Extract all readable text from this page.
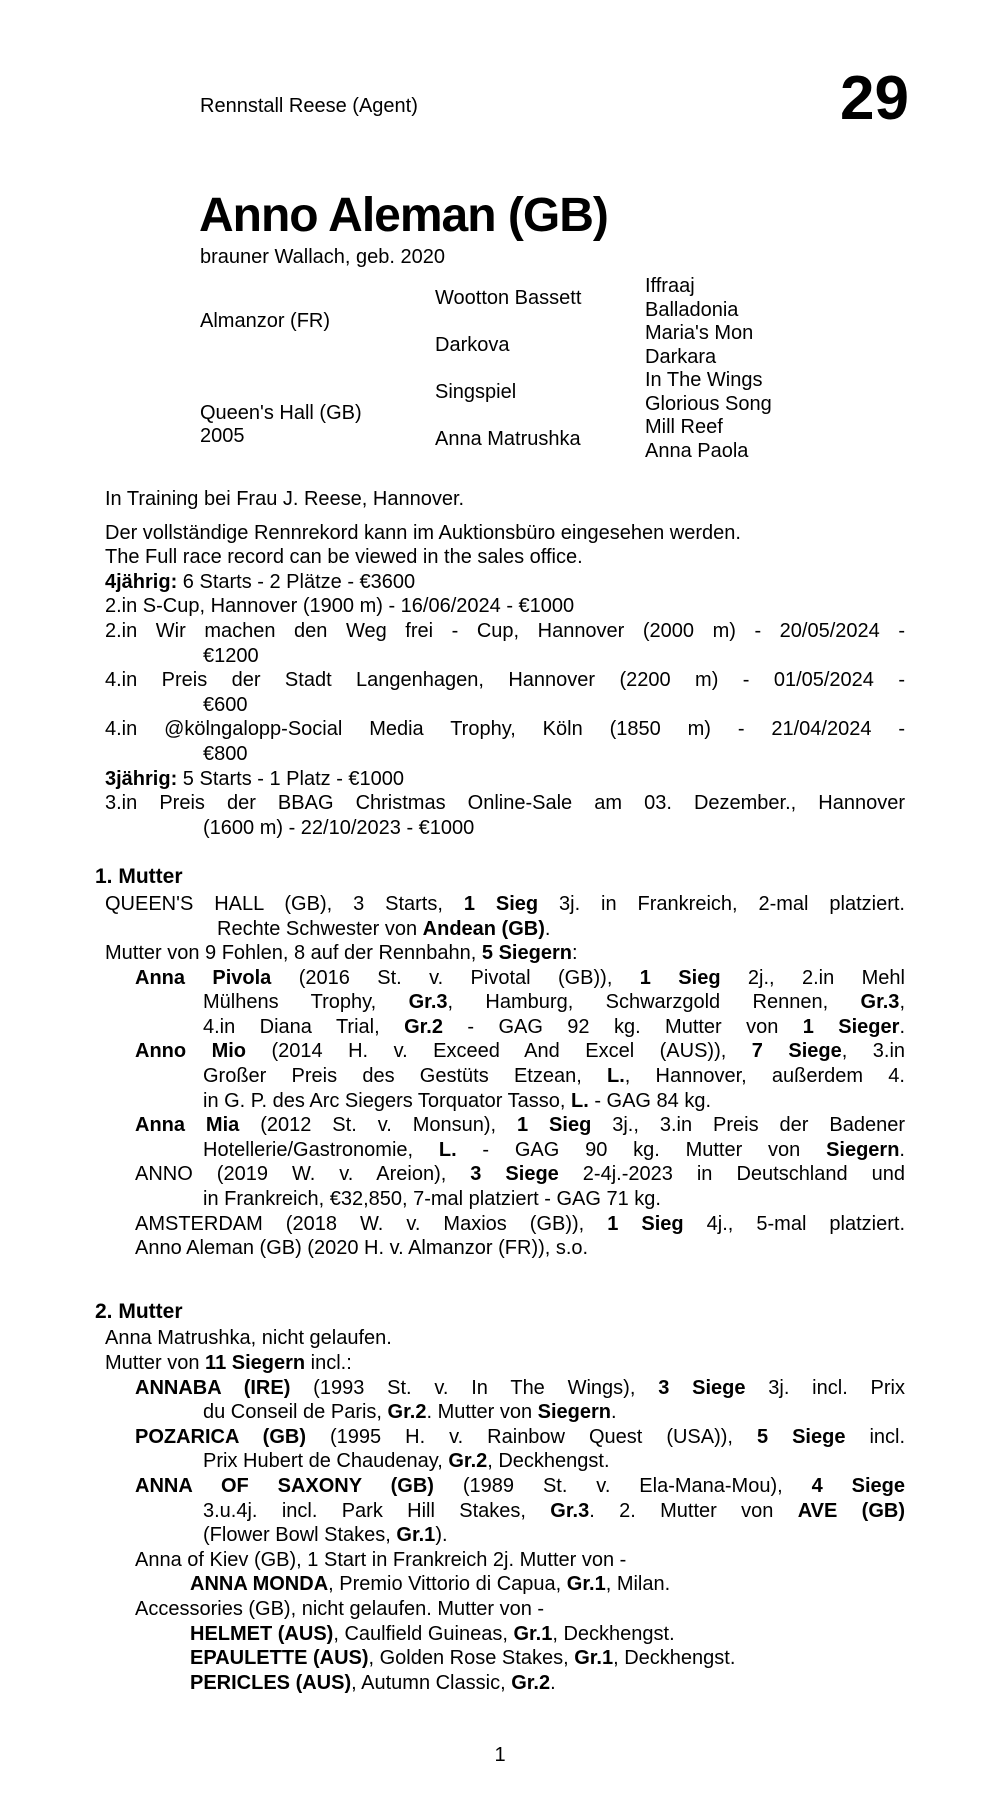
Rennstall Reese (Agent)	29
Anno Aleman (GB)
brauner Wallach, geb. 2020
Almanzor (FR)
Queen's Hall (GB)
2005
Wootton Bassett
Darkova
Singspiel
Anna Matrushka
Iffraaj
Balladonia
Maria's Mon
Darkara
In The Wings
Glorious Song
Mill Reef
Anna Paola
In Training bei Frau J. Reese, Hannover.
Der vollständige Rennrekord kann im Auktionsbüro eingesehen werden.
The Full race record can be viewed in the sales office.
4jährig: 6 Starts - 2 Plätze - €3600
2.in S-Cup, Hannover (1900 m) - 16/06/2024 - €1000
2.in Wir machen den Weg frei - Cup, Hannover (2000 m) - 20/05/2024 -
€1200
4.in Preis der Stadt Langenhagen, Hannover (2200 m) - 01/05/2024 -
€600
4.in @kölngalopp-Social Media Trophy, Köln (1850 m) - 21/04/2024 -
€800
3jährig: 5 Starts - 1 Platz - €1000
3.in Preis der BBAG Christmas Online-Sale am 03. Dezember., Hannover
(1600 m) - 22/10/2023 - €1000
1. Mutter
QUEEN'S HALL (GB), 3 Starts, 1 Sieg 3j. in Frankreich, 2-mal platziert.
Rechte Schwester von Andean (GB).
Mutter von 9 Fohlen, 8 auf der Rennbahn, 5 Siegern:
Anna Pivola (2016 St. v. Pivotal (GB)), 1 Sieg 2j., 2.in Mehl
Mülhens Trophy, Gr.3, Hamburg, Schwarzgold Rennen, Gr.3,
4.in Diana Trial, Gr.2 - GAG 92 kg. Mutter von 1 Sieger.
Anno Mio (2014 H. v. Exceed And Excel (AUS)), 7 Siege, 3.in
Großer Preis des Gestüts Etzean, L., Hannover, außerdem 4.
in G. P. des Arc Siegers Torquator Tasso, L. - GAG 84 kg.
Anna Mia (2012 St. v. Monsun), 1 Sieg 3j., 3.in Preis der Badener
Hotellerie/Gastronomie, L. - GAG 90 kg. Mutter von Siegern.
ANNO (2019 W. v. Areion), 3 Siege 2-4j.-2023 in Deutschland und
in Frankreich, €32,850, 7-mal platziert - GAG 71 kg.
AMSTERDAM (2018 W. v. Maxios (GB)), 1 Sieg 4j., 5-mal platziert.
Anno Aleman (GB) (2020 H. v. Almanzor (FR)), s.o.
2. Mutter
Anna Matrushka, nicht gelaufen.
Mutter von 11 Siegern incl.:
ANNABA (IRE) (1993 St. v. In The Wings), 3 Siege 3j. incl. Prix
du Conseil de Paris, Gr.2. Mutter von Siegern.
POZARICA (GB) (1995 H. v. Rainbow Quest (USA)), 5 Siege incl.
Prix Hubert de Chaudenay, Gr.2, Deckhengst.
ANNA OF SAXONY (GB) (1989 St. v. Ela-Mana-Mou), 4 Siege
3.u.4j. incl. Park Hill Stakes, Gr.3. 2. Mutter von AVE (GB)
(Flower Bowl Stakes, Gr.1).
Anna of Kiev (GB), 1 Start in Frankreich 2j. Mutter von -
ANNA MONDA, Premio Vittorio di Capua, Gr.1, Milan.
Accessories (GB), nicht gelaufen. Mutter von -
HELMET (AUS), Caulfield Guineas, Gr.1, Deckhengst.
EPAULETTE (AUS), Golden Rose Stakes, Gr.1, Deckhengst.
PERICLES (AUS), Autumn Classic, Gr.2.
1
